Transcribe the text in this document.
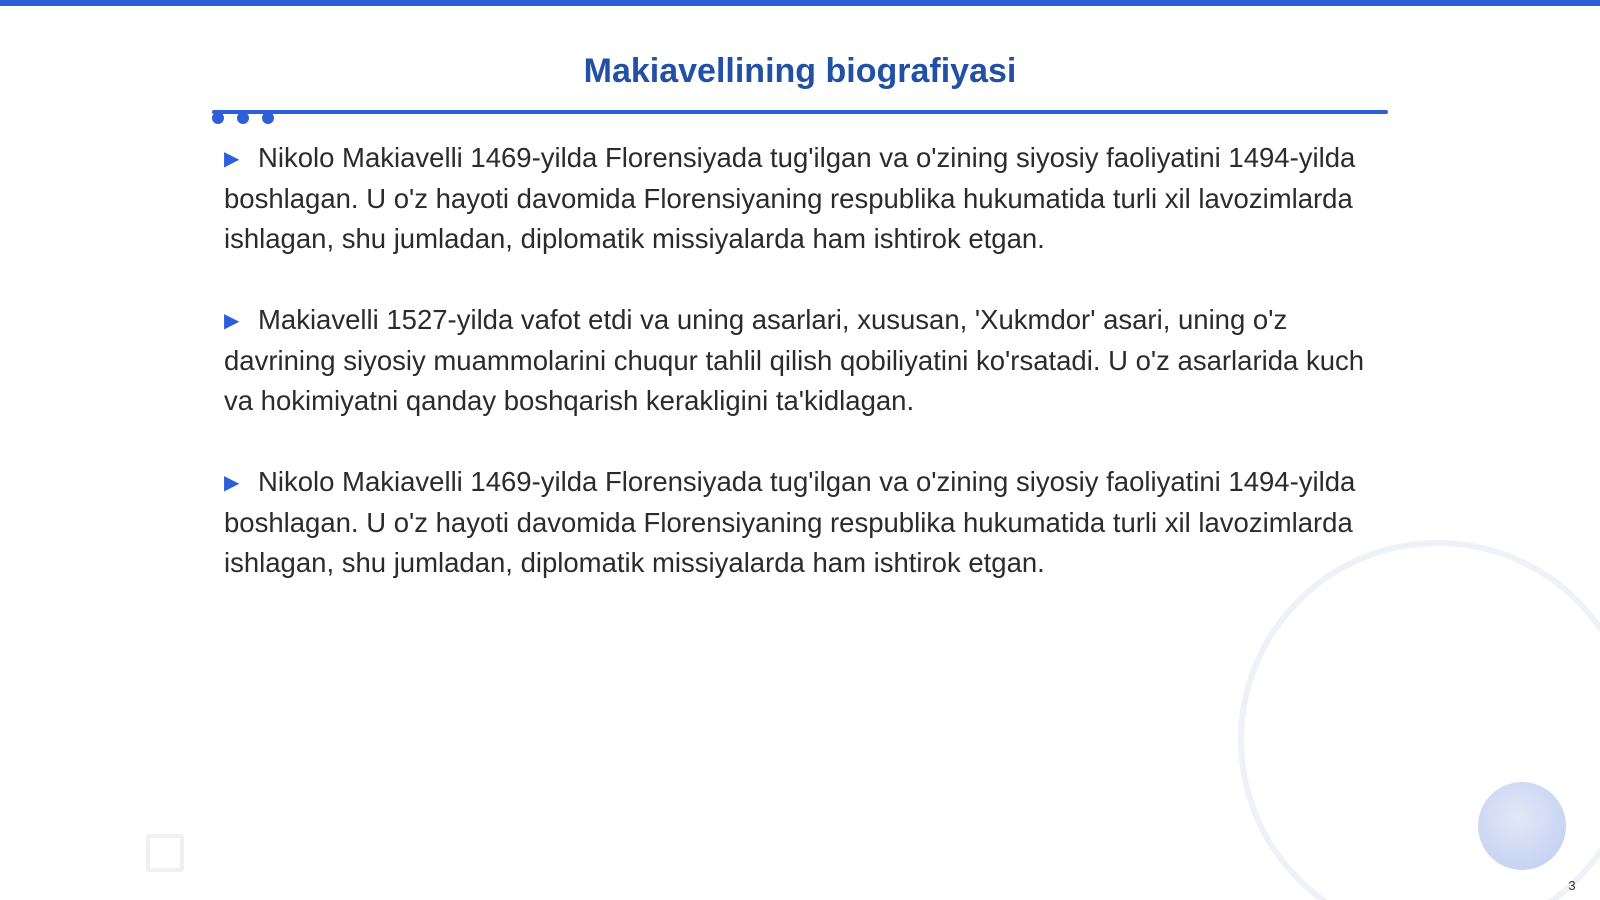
Makiavellining biografiyasi

▶ Nikolo Makiavelli 1469-yilda Florensiyada tug'ilgan va o'zining siyosiy faoliyatini 1494-yilda boshlagan. U o'z hayoti davomida Florensiyaning respublika hukumatida turli xil lavozimlarda ishlagan, shu jumladan, diplomatik missiyalarda ham ishtirok etgan.

▶ Makiavelli 1527-yilda vafot etdi va uning asarlari, xususan, 'Xukmdor' asari, uning o'z davrining siyosiy muammolarini chuqur tahlil qilish qobiliyatini ko'rsatadi. U o'z asarlarida kuch va hokimiyatni qanday boshqarish kerakligini ta'kidlagan.

▶ Nikolo Makiavelli 1469-yilda Florensiyada tug'ilgan va o'zining siyosiy faoliyatini 1494-yilda boshlagan. U o'z hayoti davomida Florensiyaning respublika hukumatida turli xil lavozimlarda ishlagan, shu jumladan, diplomatik missiyalarda ham ishtirok etgan.

3
